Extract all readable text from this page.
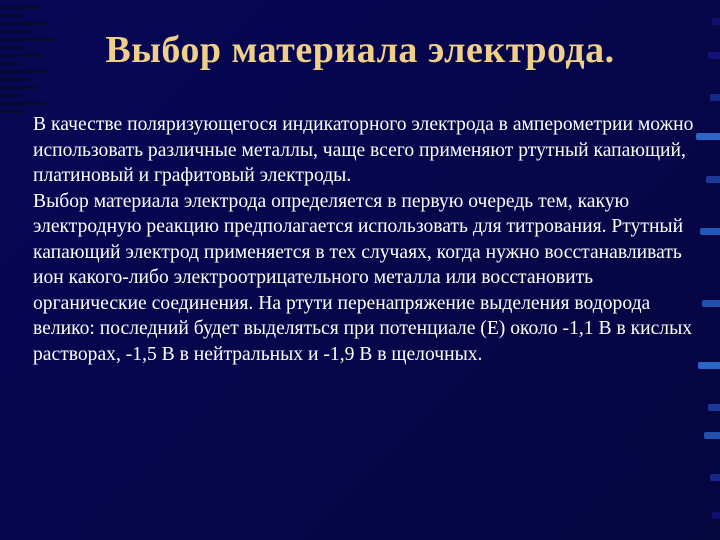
Выбор материала электрода.

В качестве поляризующегося индикаторного электрода в амперометрии можно использовать различные металлы, чаще всего применяют ртутный капающий, платиновый и графитовый электроды.

Выбор материала электрода определяется в первую очередь тем, какую электродную реакцию предполагается использовать для титрования. Ртутный капающий электрод применяется в тех случаях, когда нужно восстанавливать ион какого-либо электроотрицательного металла или восстановить органические соединения. На ртути перенапряжение выделения водорода велико: последний будет выделяться при потенциале (Е) около -1,1 В в кислых растворах, -1,5 В в нейтральных и -1,9 В в щелочных.
